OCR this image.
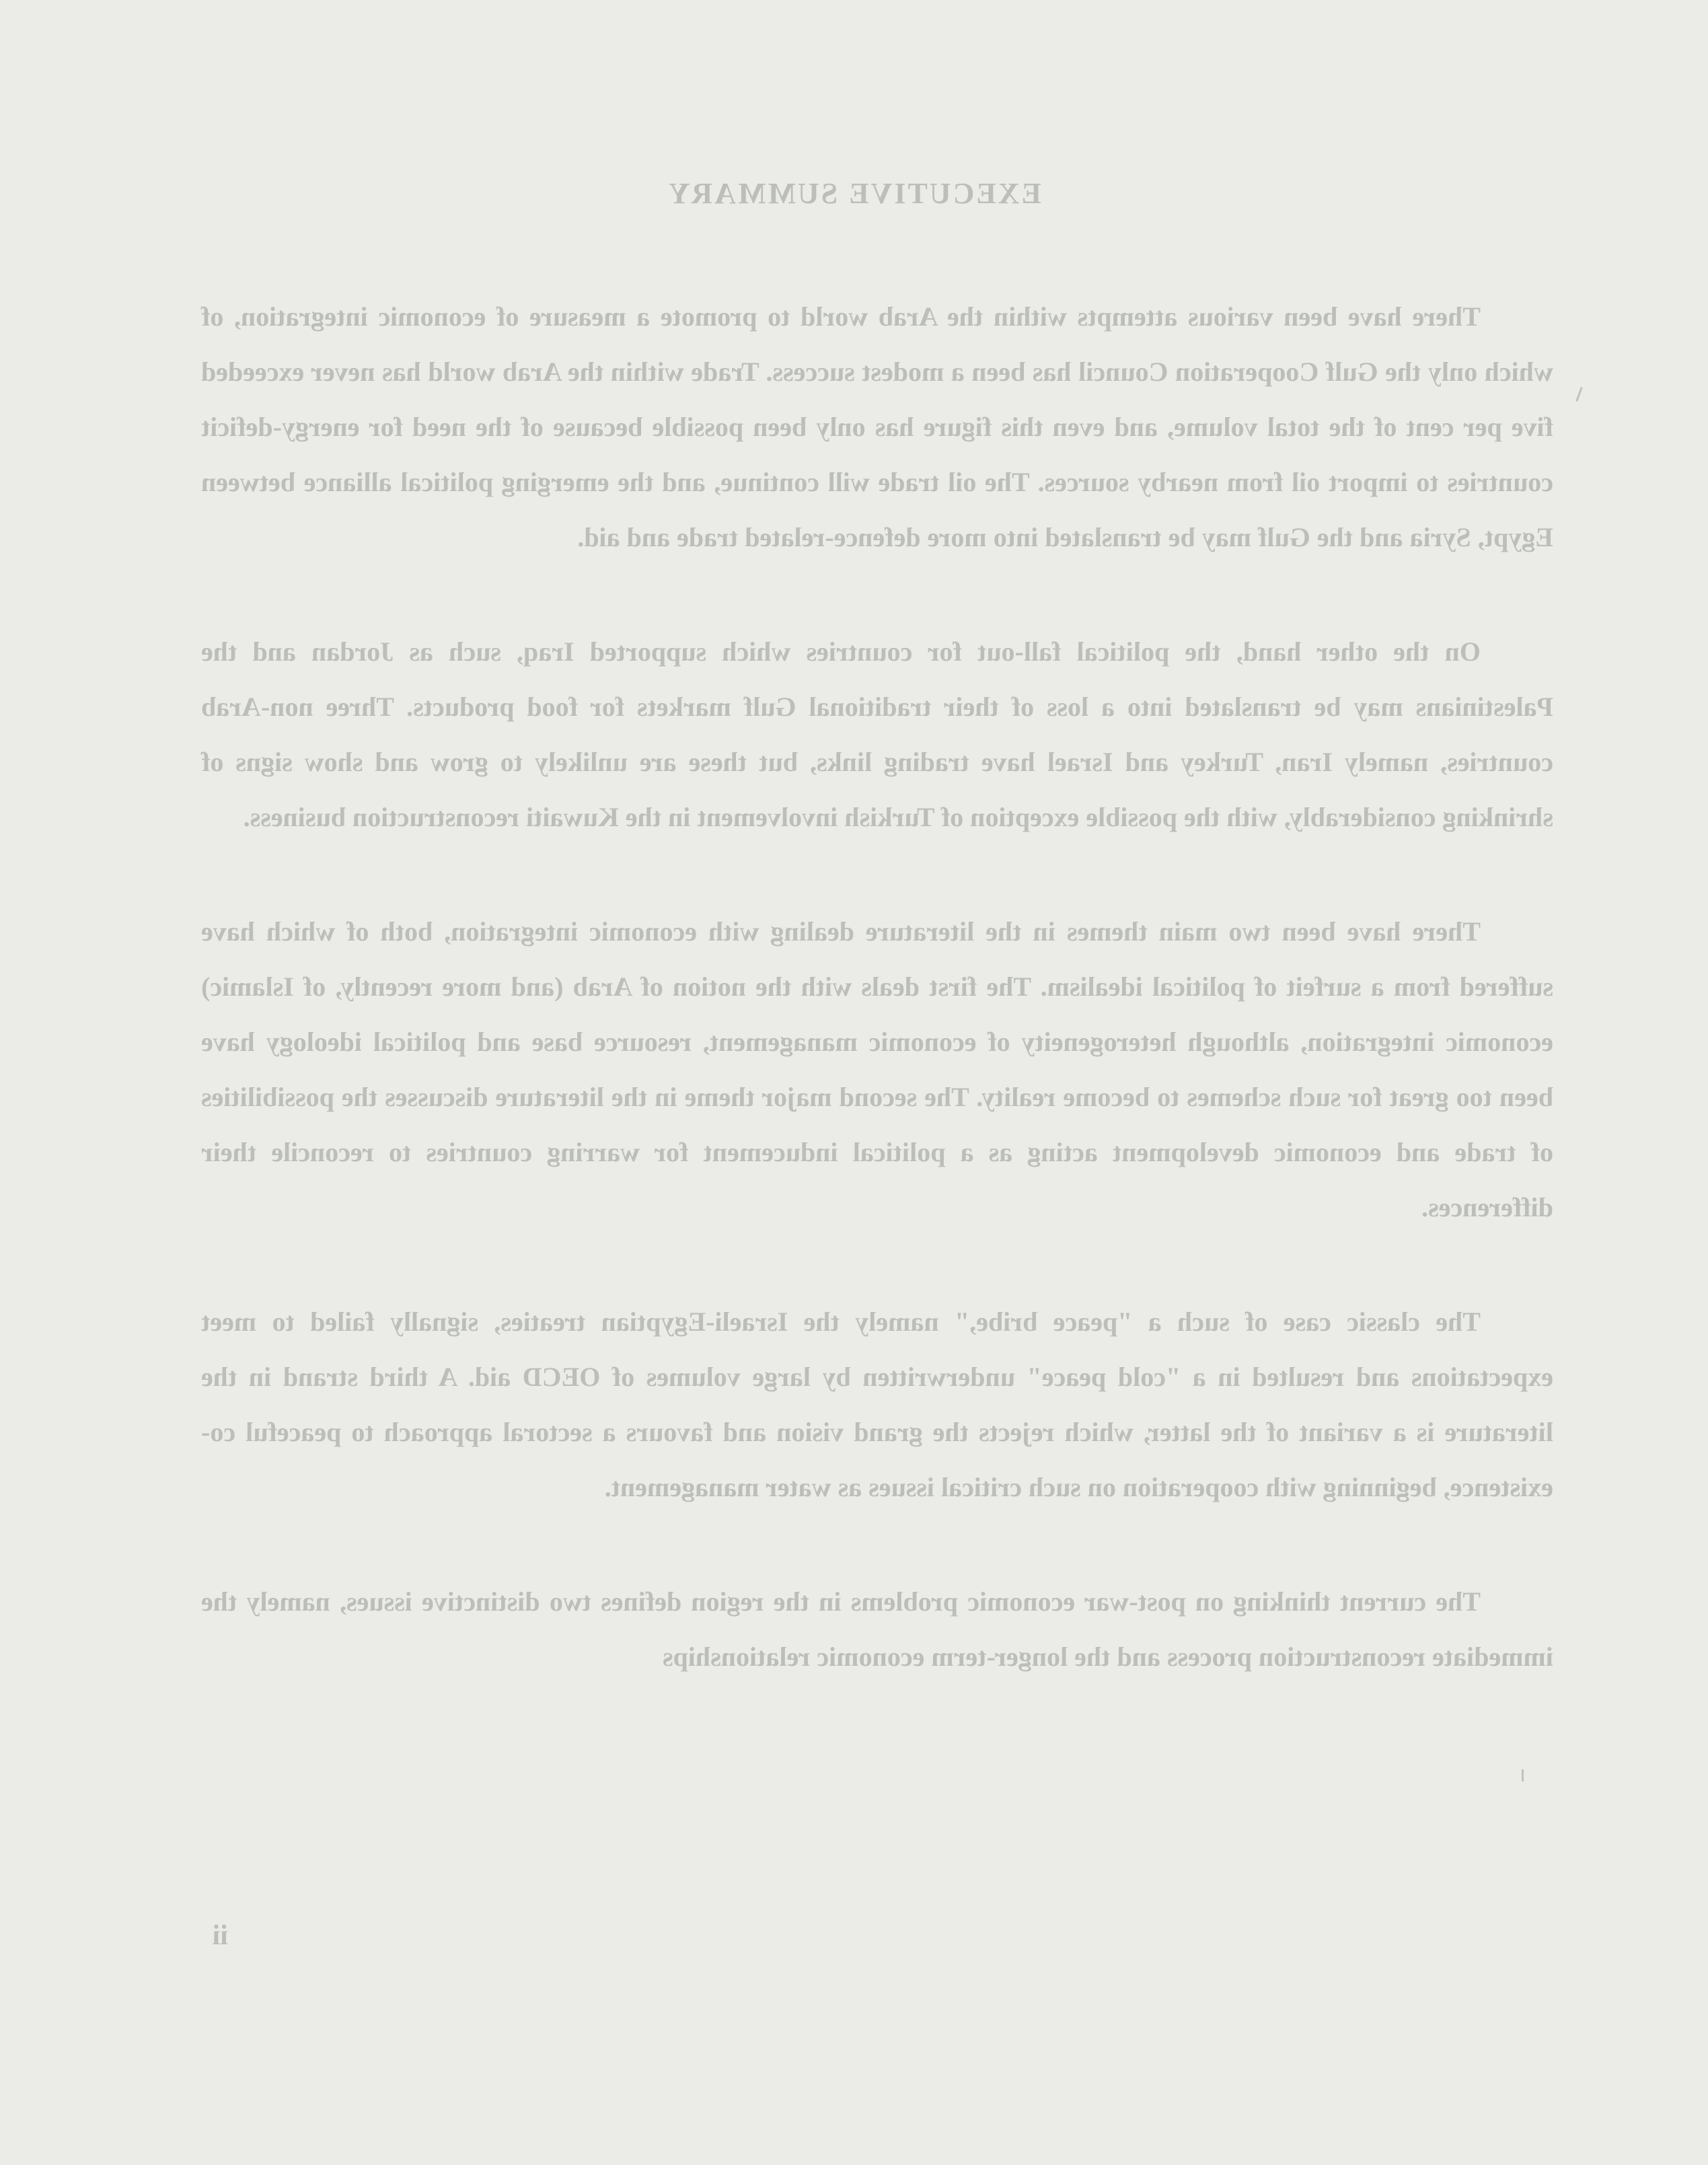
EXECUTIVE SUMMARY

There have been various attempts within the Arab world to promote a measure of economic integration, of which only the Gulf Cooperation Council has been a modest success. Trade within the Arab world has never exceeded five per cent of the total volume, and even this figure has only been possible because of the need for energy-deficit countries to import oil from nearby sources. The oil trade will continue, and the emerging political alliance between Egypt, Syria and the Gulf may be translated into more defence-related trade and aid.

On the other hand, the political fall-out for countries which supported Iraq, such as Jordan and the Palestinians may be translated into a loss of their traditional Gulf markets for food products. Three non-Arab countries, namely Iran, Turkey and Israel have trading links, but these are unlikely to grow and show signs of shrinking considerably, with the possible exception of Turkish involvement in the Kuwaiti reconstruction business.

There have been two main themes in the literature dealing with economic integration, both of which have suffered from a surfeit of political idealism. The first deals with the notion of Arab (and more recently, of Islamic) economic integration, although heterogeneity of economic management, resource base and political ideology have been too great for such schemes to become reality. The second major theme in the literature discusses the possibilities of trade and economic development acting as a political inducement for warring countries to reconcile their differences.

The classic case of such a "peace bribe," namely the Israeli-Egyptian treaties, signally failed to meet expectations and resulted in a "cold peace" underwritten by large volumes of OECD aid. A third strand in the literature is a variant of the latter, which rejects the grand vision and favours a sectoral approach to peaceful co-existence, beginning with cooperation on such critical issues as water management.

The current thinking on post-war economic problems in the region defines two distinctive issues, namely the immediate reconstruction process and the longer-term economic relationships

ii
